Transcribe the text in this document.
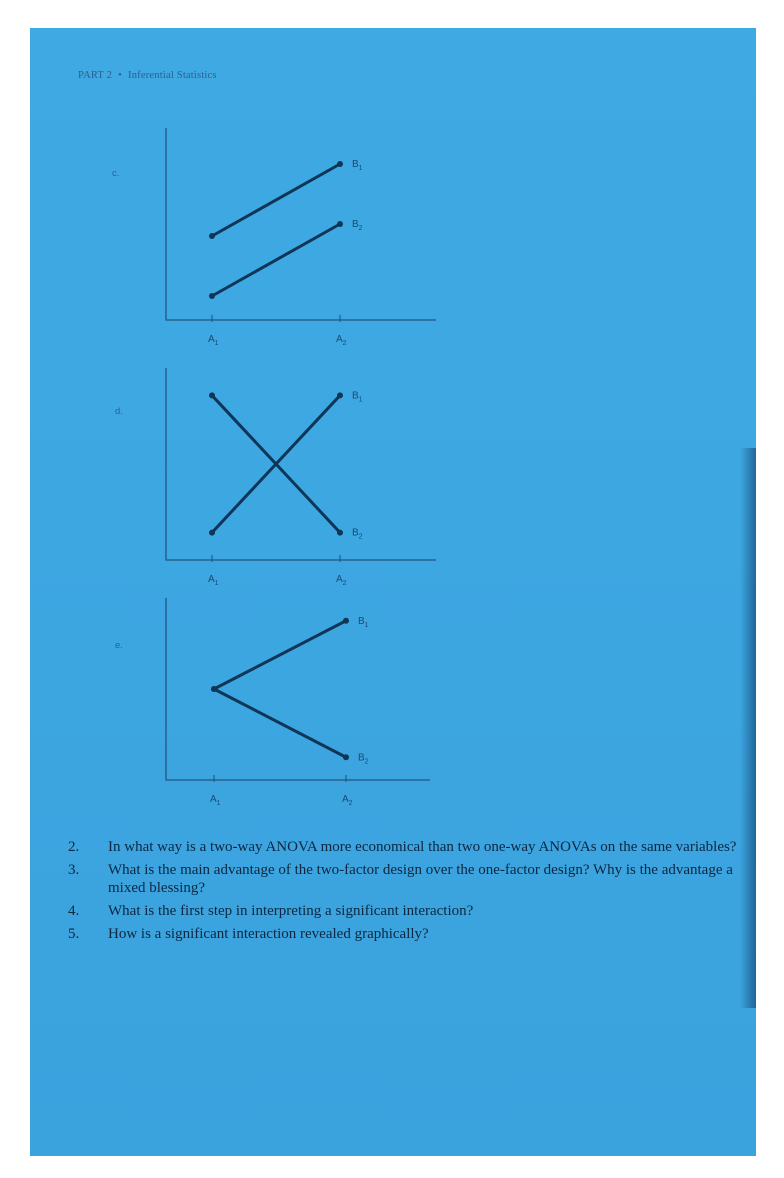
PART 2 • Inferential Statistics
c.
$A_1$	$A_2$
$B_1$
$B_2$
d.
$A_1$	$A_2$
$B_1$
$B_2$
e.
$A_1$	$A_2$
$B_1$
$B_2$
2.	In what way is a two-way ANOVA more economical than two one-way ANOVAs on the same variables?
3.	What is the main advantage of the two-factor design over the one-factor design? Why is the advantage a mixed blessing?
4.	What is the first step in interpreting a significant interaction?
5.	How is a significant interaction revealed graphically?
